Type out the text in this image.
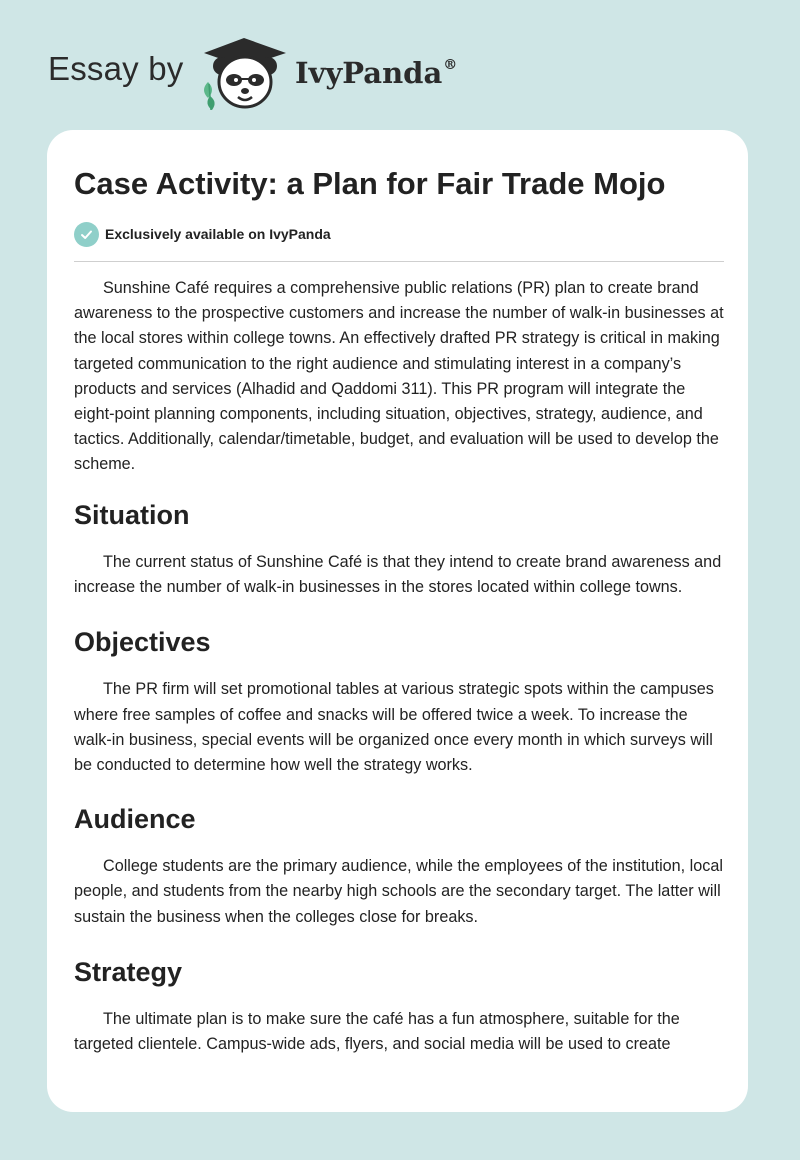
Essay by	IvyPanda®
Case Activity: a Plan for Fair Trade Mojo
Exclusively available on IvyPanda

Sunshine Café requires a comprehensive public relations (PR) plan to create brand awareness to the prospective customers and increase the number of walk-in businesses at the local stores within college towns. An effectively drafted PR strategy is critical in making targeted communication to the right audience and stimulating interest in a company’s products and services (Alhadid and Qaddomi 311). This PR program will integrate the eight-point planning components, including situation, objectives, strategy, audience, and tactics. Additionally, calendar/timetable, budget, and evaluation will be used to develop the scheme.

Situation

The current status of Sunshine Café is that they intend to create brand awareness and increase the number of walk-in businesses in the stores located within college towns.

Objectives

The PR firm will set promotional tables at various strategic spots within the campuses where free samples of coffee and snacks will be offered twice a week. To increase the walk-in business, special events will be organized once every month in which surveys will be conducted to determine how well the strategy works.

Audience

College students are the primary audience, while the employees of the institution, local people, and students from the nearby high schools are the secondary target. The latter will sustain the business when the colleges close for breaks.

Strategy

The ultimate plan is to make sure the café has a fun atmosphere, suitable for the targeted clientele. Campus-wide ads, flyers, and social media will be used to create
